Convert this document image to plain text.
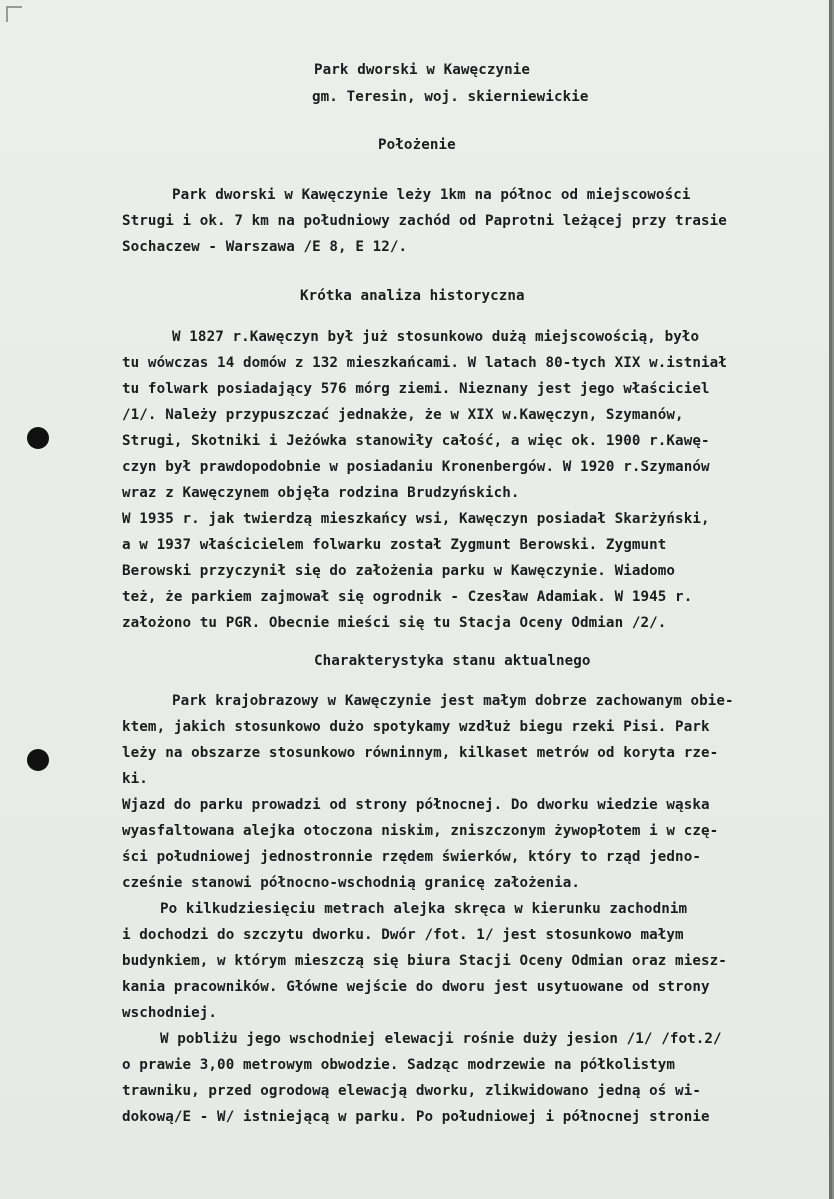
Park dworski w Kawęczynie
gm. Teresin, woj. skierniewickie
Położenie
Park dworski w Kawęczynie leży 1km na północ od miejscowości
Strugi i ok. 7 km na południowy zachód od Paprotni leżącej przy trasie
Sochaczew - Warszawa /E 8, E 12/.
Krótka analiza historyczna
W 1827 r.Kawęczyn był już stosunkowo dużą miejscowością, było
tu wówczas 14 domów z 132 mieszkańcami. W latach 80-tych XIX w.istniał
tu folwark posiadający 576 mórg ziemi. Nieznany jest jego właściciel
/1/. Należy przypuszczać jednakże, że w XIX w.Kawęczyn, Szymanów,
Strugi, Skotniki i Jeżówka stanowiły całość, a więc ok. 1900 r.Kawę-
czyn był prawdopodobnie w posiadaniu Kronenbergów. W 1920 r.Szymanów
wraz z Kawęczynem objęła rodzina Brudzyńskich.
W 1935 r. jak twierdzą mieszkańcy wsi, Kawęczyn posiadał Skarżyński,
a w 1937 właścicielem folwarku został Zygmunt Berowski. Zygmunt
Berowski przyczynił się do założenia parku w Kawęczynie. Wiadomo
też, że parkiem zajmował się ogrodnik - Czesław Adamiak. W 1945 r.
założono tu PGR. Obecnie mieści się tu Stacja Oceny Odmian /2/.
Charakterystyka stanu aktualnego
Park krajobrazowy w Kawęczynie jest małym dobrze zachowanym obie-
ktem, jakich stosunkowo dużo spotykamy wzdłuż biegu rzeki Pisi. Park
leży na obszarze stosunkowo równinnym, kilkaset metrów od koryta rze-
ki.
Wjazd do parku prowadzi od strony północnej. Do dworku wiedzie wąska
wyasfaltowana alejka otoczona niskim, zniszczonym żywopłotem i w czę-
ści południowej jednostronnie rzędem świerków, który to rząd jedno-
cześnie stanowi północno-wschodnią granicę założenia.
Po kilkudziesięciu metrach alejka skręca w kierunku zachodnim
i dochodzi do szczytu dworku. Dwór /fot. 1/ jest stosunkowo małym
budynkiem, w którym mieszczą się biura Stacji Oceny Odmian oraz miesz-
kania pracowników. Główne wejście do dworu jest usytuowane od strony
wschodniej.
W pobliżu jego wschodniej elewacji rośnie duży jesion /1/ /fot.2/
o prawie 3,00 metrowym obwodzie. Sadząc modrzewie na półkolistym
trawniku, przed ogrodową elewacją dworku, zlikwidowano jedną oś wi-
dokową/E - W/ istniejącą w parku. Po południowej i północnej stronie
